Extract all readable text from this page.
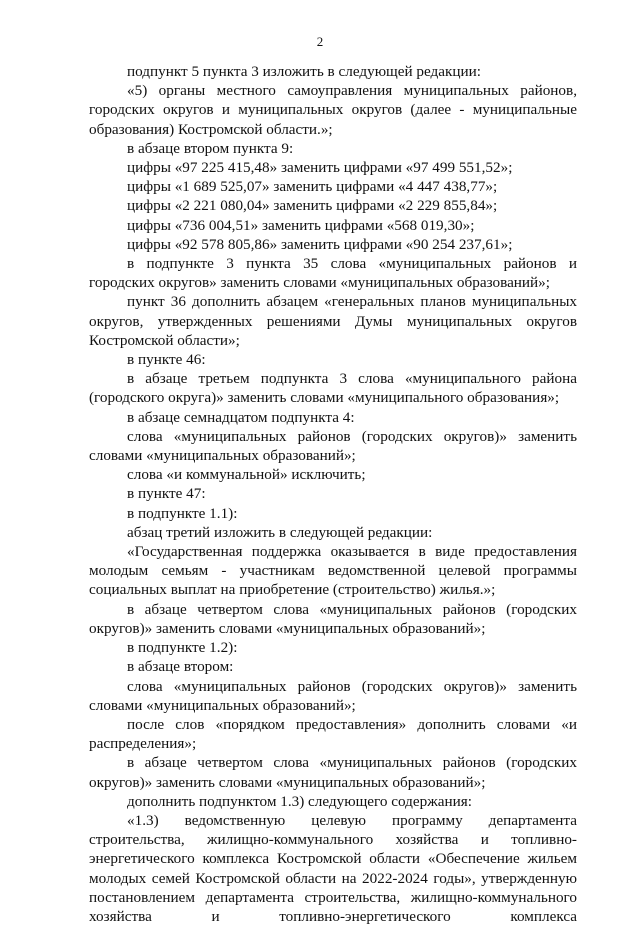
2

подпункт 5 пункта 3 изложить в следующей редакции:

«5) органы местного самоуправления муниципальных районов, городских округов и муниципальных округов (далее - муниципальные образования) Костромской области.»;

в абзаце втором пункта 9:

цифры «97 225 415,48» заменить цифрами «97 499 551,52»;

цифры «1 689 525,07» заменить цифрами «4 447 438,77»;

цифры «2 221 080,04» заменить цифрами «2 229 855,84»;

цифры «736 004,51» заменить цифрами «568 019,30»;

цифры «92 578 805,86» заменить цифрами «90 254 237,61»;

в подпункте 3 пункта 35 слова «муниципальных районов и городских округов» заменить словами «муниципальных образований»;

пункт 36 дополнить абзацем «генеральных планов муниципальных округов, утвержденных решениями Думы муниципальных округов Костромской области»;

в пункте 46:

в абзаце третьем подпункта 3 слова «муниципального района (городского округа)» заменить словами «муниципального образования»;

в абзаце семнадцатом подпункта 4:

слова «муниципальных районов (городских округов)» заменить словами «муниципальных образований»;

слова «и коммунальной» исключить;

в пункте 47:

в подпункте 1.1):

абзац третий изложить в следующей редакции:

«Государственная поддержка оказывается в виде предоставления молодым семьям - участникам ведомственной целевой программы социальных выплат на приобретение (строительство) жилья.»;

в абзаце четвертом слова «муниципальных районов (городских округов)» заменить словами «муниципальных образований»;

в подпункте 1.2):

в абзаце втором:

слова «муниципальных районов (городских округов)» заменить словами «муниципальных образований»;

после слов «порядком предоставления» дополнить словами «и распределения»;

в абзаце четвертом слова «муниципальных районов (городских округов)» заменить словами «муниципальных образований»;

дополнить подпунктом 1.3) следующего содержания:

«1.3) ведомственную целевую программу департамента строительства, жилищно-коммунального хозяйства и топливно-энергетического комплекса Костромской области «Обеспечение жильем молодых семей Костромской области на 2022-2024 годы», утвержденную постановлением департамента строительства, жилищно-коммунального хозяйства и топливно-энергетического комплекса
